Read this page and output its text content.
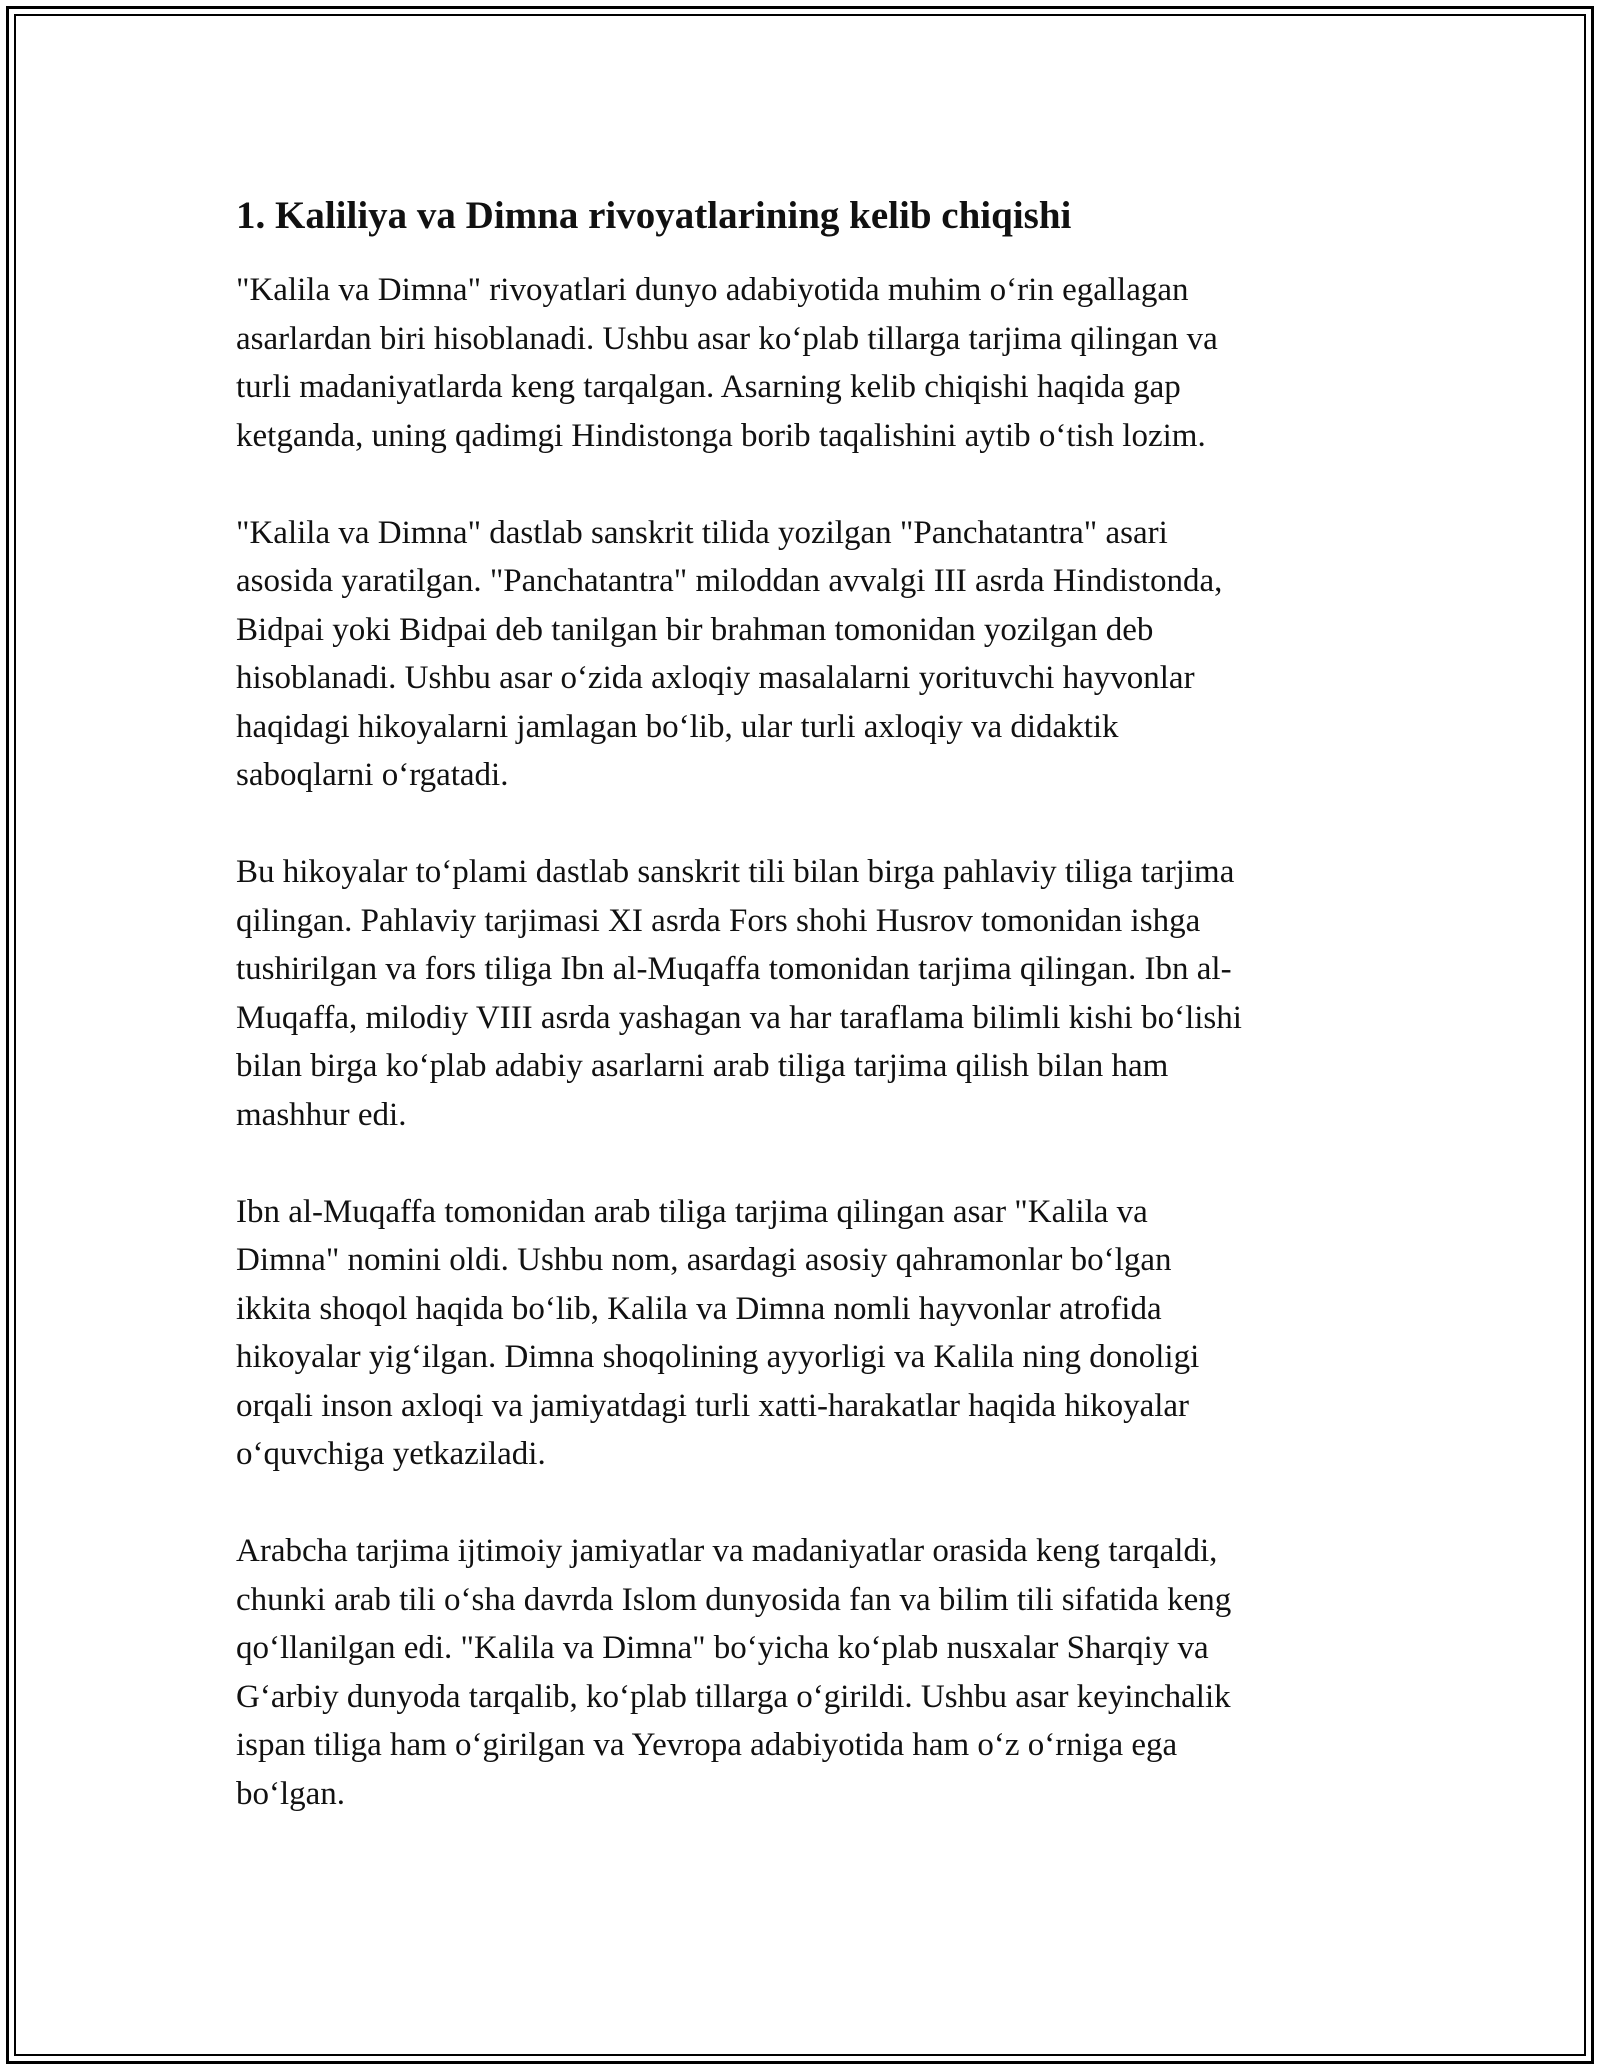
1. Kaliliya va Dimna rivoyatlarining kelib chiqishi
"Kalila va Dimna" rivoyatlari dunyo adabiyotida muhim o‘rin egallagan
asarlardan biri hisoblanadi. Ushbu asar ko‘plab tillarga tarjima qilingan va
turli madaniyatlarda keng tarqalgan. Asarning kelib chiqishi haqida gap
ketganda, uning qadimgi Hindistonga borib taqalishini aytib o‘tish lozim.
"Kalila va Dimna" dastlab sanskrit tilida yozilgan "Panchatantra" asari
asosida yaratilgan. "Panchatantra" miloddan avvalgi III asrda Hindistonda,
Bidpai yoki Bidpai deb tanilgan bir brahman tomonidan yozilgan deb
hisoblanadi. Ushbu asar o‘zida axloqiy masalalarni yorituvchi hayvonlar
haqidagi hikoyalarni jamlagan bo‘lib, ular turli axloqiy va didaktik
saboqlarni o‘rgatadi.
Bu hikoyalar to‘plami dastlab sanskrit tili bilan birga pahlaviy tiliga tarjima
qilingan. Pahlaviy tarjimasi XI asrda Fors shohi Husrov tomonidan ishga
tushirilgan va fors tiliga Ibn al-Muqaffa tomonidan tarjima qilingan. Ibn al-
Muqaffa, milodiy VIII asrda yashagan va har taraflama bilimli kishi bo‘lishi
bilan birga ko‘plab adabiy asarlarni arab tiliga tarjima qilish bilan ham
mashhur edi.
Ibn al-Muqaffa tomonidan arab tiliga tarjima qilingan asar "Kalila va
Dimna" nomini oldi. Ushbu nom, asardagi asosiy qahramonlar bo‘lgan
ikkita shoqol haqida bo‘lib, Kalila va Dimna nomli hayvonlar atrofida
hikoyalar yig‘ilgan. Dimna shoqolining ayyorligi va Kalila ning donoligi
orqali inson axloqi va jamiyatdagi turli xatti-harakatlar haqida hikoyalar
o‘quvchiga yetkaziladi.
Arabcha tarjima ijtimoiy jamiyatlar va madaniyatlar orasida keng tarqaldi,
chunki arab tili o‘sha davrda Islom dunyosida fan va bilim tili sifatida keng
qo‘llanilgan edi. "Kalila va Dimna" bo‘yicha ko‘plab nusxalar Sharqiy va
G‘arbiy dunyoda tarqalib, ko‘plab tillarga o‘girildi. Ushbu asar keyinchalik
ispan tiliga ham o‘girilgan va Yevropa adabiyotida ham o‘z o‘rniga ega
bo‘lgan.
